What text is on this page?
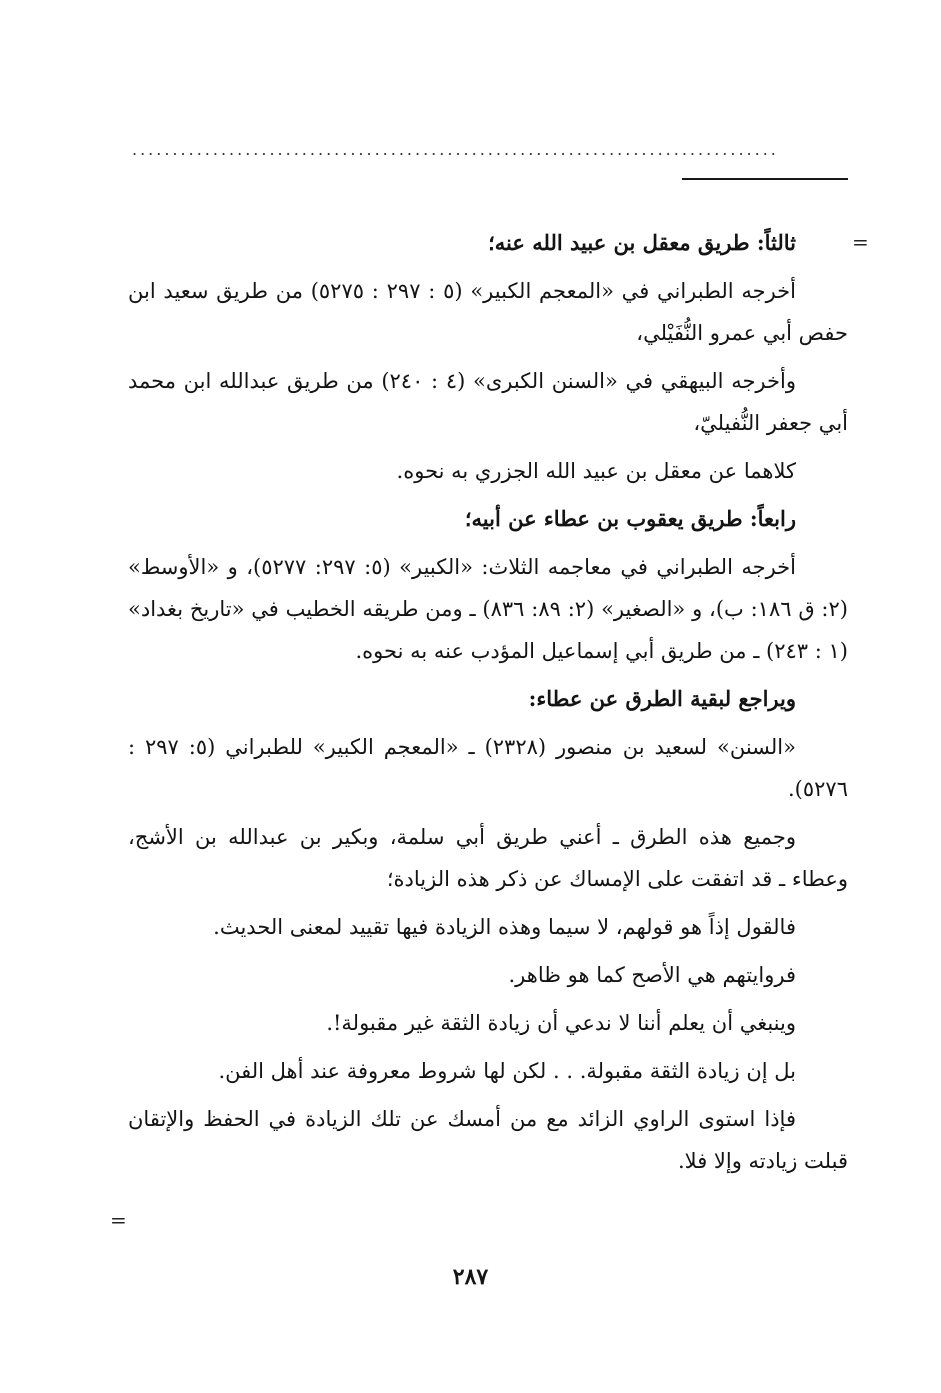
................................................................................
=

ثالثاً: طريق معقل بن عبيد الله عنه؛

أخرجه الطبراني في «المعجم الكبير» (٥ : ٢٩٧ : ٥٢٧٥) من طريق سعيد ابن حفص أبي عمرو النُّفَيْلي،

وأخرجه البيهقي في «السنن الكبرى» (٤ : ٢٤٠) من طريق عبدالله ابن محمد أبي جعفر النُّفيليّ،

كلاهما عن معقل بن عبيد الله الجزري به نحوه.

رابعاً: طريق يعقوب بن عطاء عن أبيه؛

أخرجه الطبراني في معاجمه الثلاث: «الكبير» (٥: ٢٩٧: ٥٢٧٧)، و «الأوسط» (٢: ق ١٨٦: ب)، و «الصغير» (٢: ٨٩: ٨٣٦) ـ ومن طريقه الخطيب في «تاريخ بغداد» (١ : ٢٤٣) ـ من طريق أبي إسماعيل المؤدب عنه به نحوه.

ويراجع لبقية الطرق عن عطاء:

«السنن» لسعيد بن منصور (٢٣٢٨) ـ «المعجم الكبير» للطبراني (٥: ٢٩٧ : ٥٢٧٦).

وجميع هذه الطرق ـ أعني طريق أبي سلمة، وبكير بن عبدالله بن الأشج، وعطاء ـ قد اتفقت على الإمساك عن ذكر هذه الزيادة؛

فالقول إذاً هو قولهم، لا سيما وهذه الزيادة فيها تقييد لمعنى الحديث.

فروايتهم هي الأصح كما هو ظاهر.

وينبغي أن يعلم أننا لا ندعي أن زيادة الثقة غير مقبولة!.

بل إن زيادة الثقة مقبولة. . . لكن لها شروط معروفة عند أهل الفن.

فإذا استوى الراوي الزائد مع من أمسك عن تلك الزيادة في الحفظ والإتقان قبلت زيادته وإلا فلا.

=
٢٨٧
